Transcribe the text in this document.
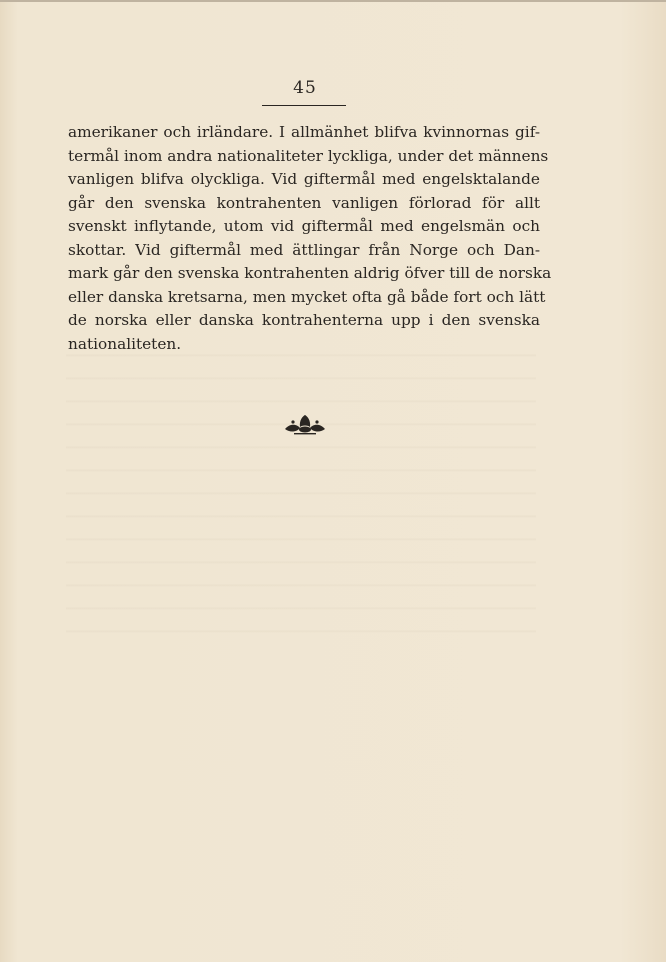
45
amerikaner och irländare. I allmänhet blifva kvinnornas gif-
termål inom andra nationaliteter lyckliga, under det männens
vanligen blifva olyckliga. Vid giftermål med engelsktalande
går den svenska kontrahenten vanligen förlorad för allt
svenskt inflytande, utom vid giftermål med engelsmän och
skottar. Vid giftermål med ättlingar från Norge och Dan-
mark går den svenska kontrahenten aldrig öfver till de norska
eller danska kretsarna, men mycket ofta gå både fort och lätt
de norska eller danska kontrahenterna upp i den svenska
nationaliteten.
